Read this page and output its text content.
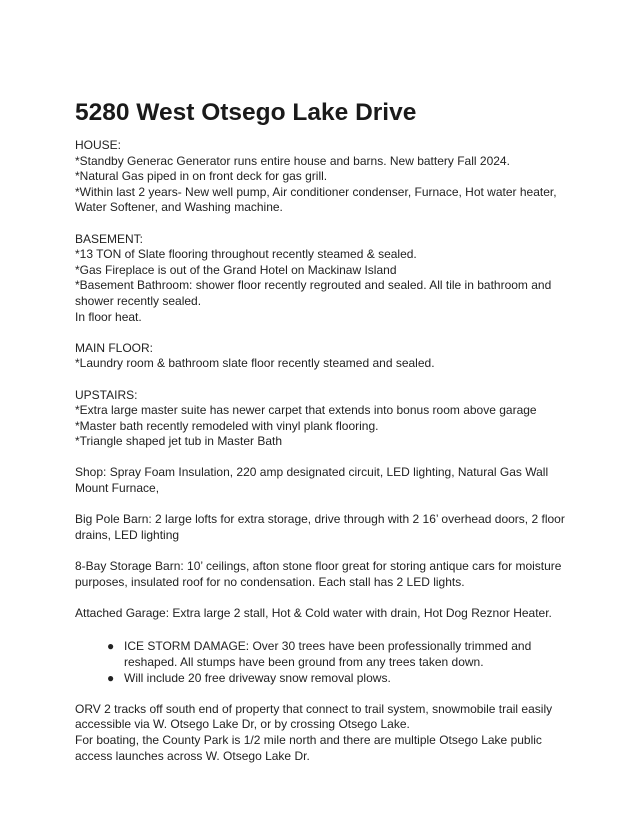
5280 West Otsego Lake Drive
HOUSE:
*Standby Generac Generator runs entire house and barns. New battery Fall 2024.
*Natural Gas piped in on front deck for gas grill.
*Within last 2 years- New well pump, Air conditioner condenser, Furnace, Hot water heater, Water Softener, and Washing machine.
BASEMENT:
*13 TON of Slate flooring throughout recently steamed & sealed.
*Gas Fireplace is out of the Grand Hotel on Mackinaw Island
*Basement Bathroom: shower floor recently regrouted and sealed. All tile in bathroom and shower recently sealed.
In floor heat.
MAIN FLOOR:
*Laundry room & bathroom slate floor recently steamed and sealed.
UPSTAIRS:
*Extra large master suite has newer carpet that extends into bonus room above garage
*Master bath recently remodeled with vinyl plank flooring.
*Triangle shaped jet tub in Master Bath

Shop: Spray Foam Insulation, 220 amp designated circuit, LED lighting, Natural Gas Wall Mount Furnace,

Big Pole Barn: 2 large lofts for extra storage, drive through with 2 16’ overhead doors, 2 floor drains, LED lighting

8-Bay Storage Barn: 10’ ceilings, afton stone floor great for storing antique cars for moisture purposes, insulated roof for no condensation. Each stall has 2 LED lights.

Attached Garage: Extra large 2 stall, Hot & Cold water with drain, Hot Dog Reznor Heater.

● ICE STORM DAMAGE: Over 30 trees have been professionally trimmed and reshaped. All stumps have been ground from any trees taken down.
● Will include 20 free driveway snow removal plows.

ORV 2 tracks off south end of property that connect to trail system, snowmobile trail easily accessible via W. Otsego Lake Dr, or by crossing Otsego Lake.

For boating, the County Park is 1/2 mile north and there are multiple Otsego Lake public access launches across W. Otsego Lake Dr.
